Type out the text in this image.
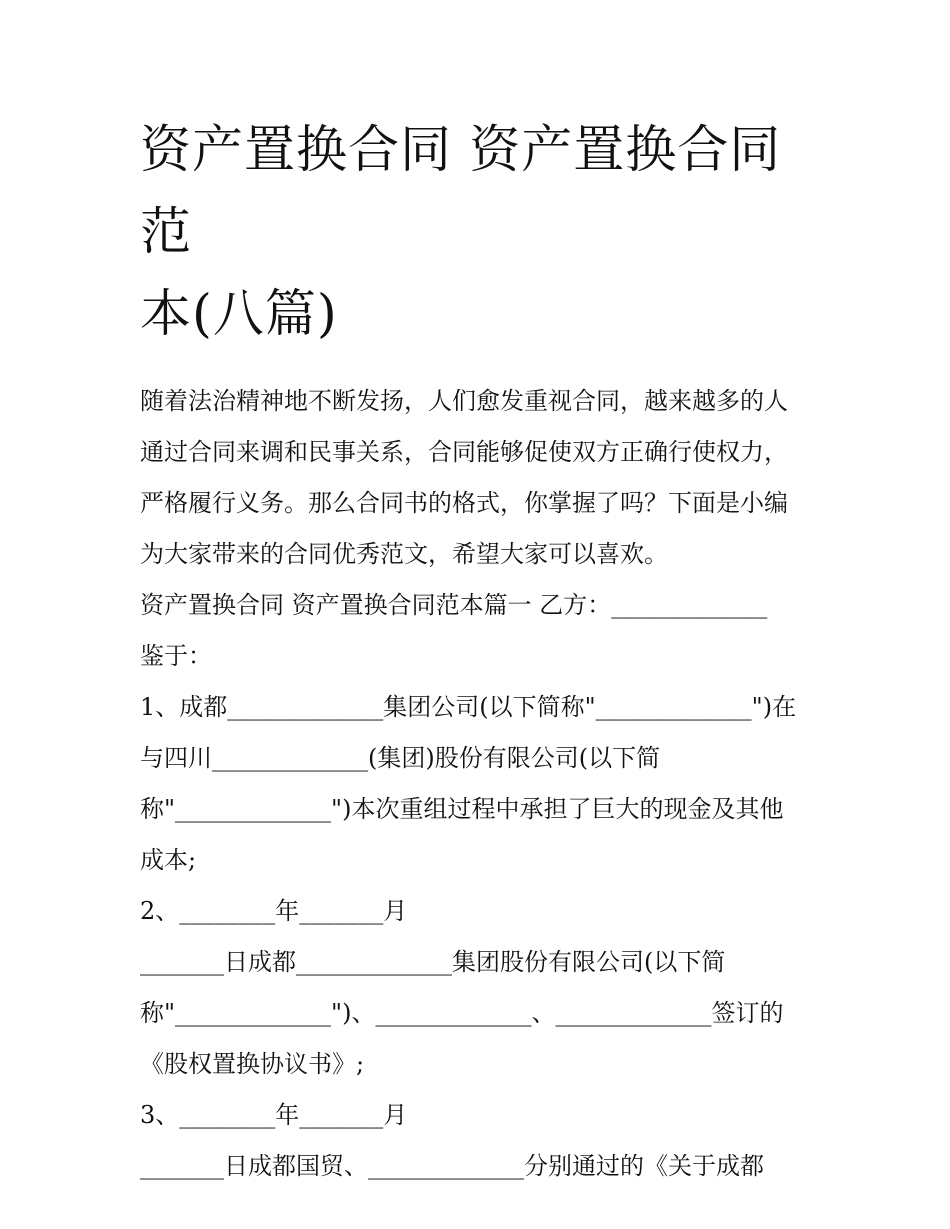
资产置换合同 资产置换合同范
本(八篇)
随着法治精神地不断发扬，人们愈发重视合同，越来越多的人
通过合同来调和民事关系，合同能够促使双方正确行使权力，
严格履行义务。那么合同书的格式，你掌握了吗？下面是小编
为大家带来的合同优秀范文，希望大家可以喜欢。
资产置换合同 资产置换合同范本篇一 乙方：_____________
鉴于：
1、成都_____________集团公司(以下简称"_____________")在
与四川_____________(集团)股份有限公司(以下简
称"_____________")本次重组过程中承担了巨大的现金及其他
成本;
2、________年_______月
_______日成都_____________集团股份有限公司(以下简
称"_____________")、_____________、_____________签订的
《股权置换协议书》;
3、________年_______月
_______日成都国贸、_____________分别通过的《关于成都
